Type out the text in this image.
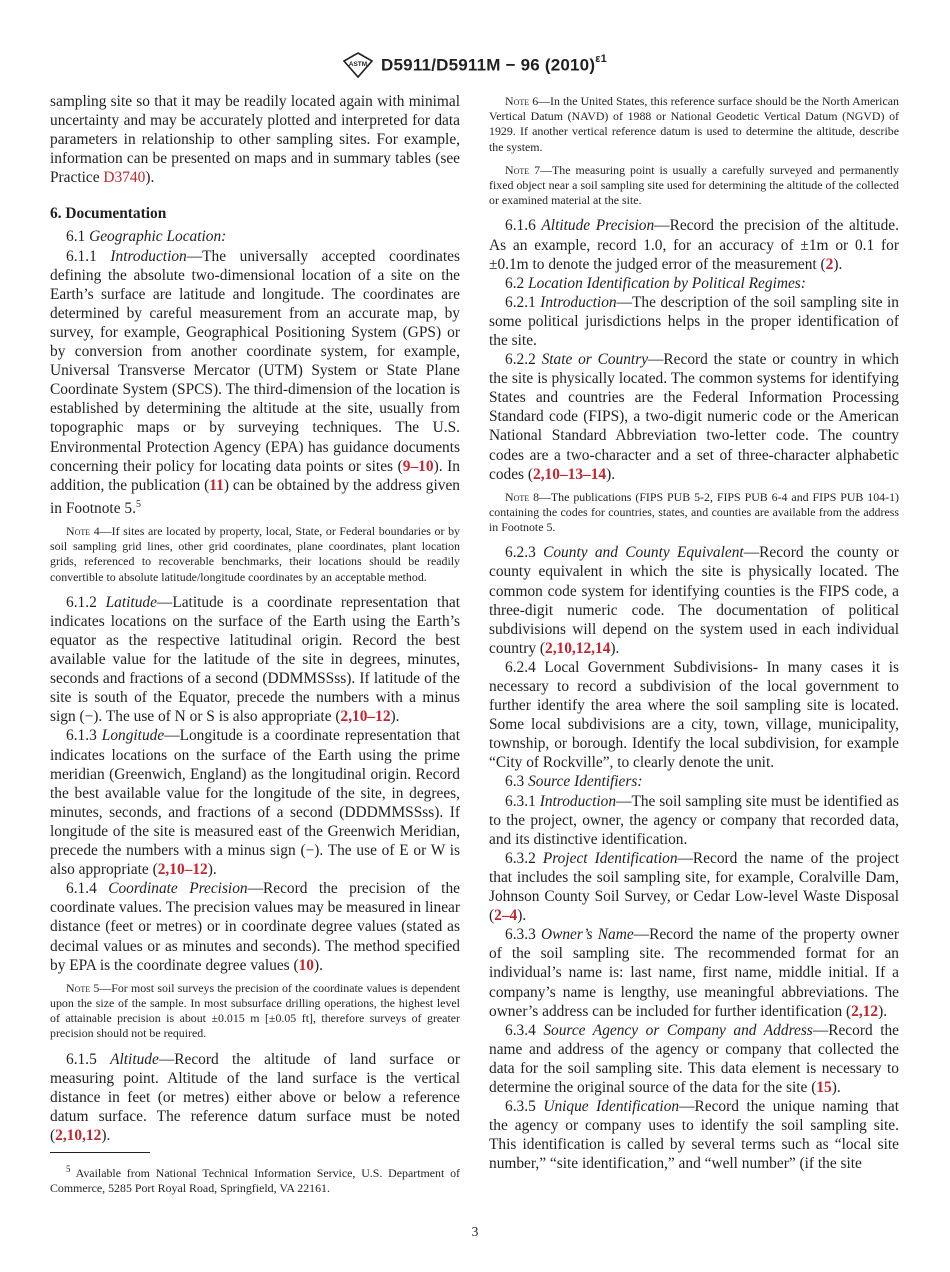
ASTM D5911/D5911M − 96 $(2010)^{\varepsilon 1}$

sampling site so that it may be readily located again with minimal uncertainty and may be accurately plotted and interpreted for data parameters in relationship to other sampling sites. For example, information can be presented on maps and in summary tables (see Practice D3740).

6. Documentation

6.1 Geographic Location:

6.1.1 Introduction—The universally accepted coordinates defining the absolute two-dimensional location of a site on the Earth’s surface are latitude and longitude. The coordinates are determined by careful measurement from an accurate map, by survey, for example, Geographical Positioning System (GPS) or by conversion from another coordinate system, for example, Universal Transverse Mercator (UTM) System or State Plane Coordinate System (SPCS). The third-dimension of the location is established by determining the altitude at the site, usually from topographic maps or by surveying techniques. The U.S. Environmental Protection Agency (EPA) has guidance documents concerning their policy for locating data points or sites (9–10). In addition, the publication (11) can be obtained by the address given in Footnote 5.$^5$

Note 4—If sites are located by property, local, State, or Federal boundaries or by soil sampling grid lines, other grid coordinates, plane coordinates, plant location grids, referenced to recoverable benchmarks, their locations should be readily convertible to absolute latitude/longitude coordinates by an acceptable method.

6.1.2 Latitude—Latitude is a coordinate representation that indicates locations on the surface of the Earth using the Earth’s equator as the respective latitudinal origin. Record the best available value for the latitude of the site in degrees, minutes, seconds and fractions of a second (DDMMSSss). If latitude of the site is south of the Equator, precede the numbers with a minus sign (−). The use of N or S is also appropriate (2,10–12).

6.1.3 Longitude—Longitude is a coordinate representation that indicates locations on the surface of the Earth using the prime meridian (Greenwich, England) as the longitudinal origin. Record the best available value for the longitude of the site, in degrees, minutes, seconds, and fractions of a second (DDDMMSSss). If longitude of the site is measured east of the Greenwich Meridian, precede the numbers with a minus sign (−). The use of E or W is also appropriate (2,10–12).

6.1.4 Coordinate Precision—Record the precision of the coordinate values. The precision values may be measured in linear distance (feet or metres) or in coordinate degree values (stated as decimal values or as minutes and seconds). The method specified by EPA is the coordinate degree values (10).

Note 5—For most soil surveys the precision of the coordinate values is dependent upon the size of the sample. In most subsurface drilling operations, the highest level of attainable precision is about ±0.015 m [±0.05 ft], therefore surveys of greater precision should not be required.

6.1.5 Altitude—Record the altitude of land surface or measuring point. Altitude of the land surface is the vertical distance in feet (or metres) either above or below a reference datum surface. The reference datum surface must be noted (2,10,12).

$^5$ Available from National Technical Information Service, U.S. Department of Commerce, 5285 Port Royal Road, Springfield, VA 22161.

Note 6—In the United States, this reference surface should be the North American Vertical Datum (NAVD) of 1988 or National Geodetic Vertical Datum (NGVD) of 1929. If another vertical reference datum is used to determine the altitude, describe the system.

Note 7—The measuring point is usually a carefully surveyed and permanently fixed object near a soil sampling site used for determining the altitude of the collected or examined material at the site.

6.1.6 Altitude Precision—Record the precision of the altitude. As an example, record 1.0, for an accuracy of ±1m or 0.1 for ±0.1m to denote the judged error of the measurement (2).

6.2 Location Identification by Political Regimes:

6.2.1 Introduction—The description of the soil sampling site in some political jurisdictions helps in the proper identification of the site.

6.2.2 State or Country—Record the state or country in which the site is physically located. The common systems for identifying States and countries are the Federal Information Processing Standard code (FIPS), a two-digit numeric code or the American National Standard Abbreviation two-letter code. The country codes are a two-character and a set of three-character alphabetic codes (2,10–13–14).

Note 8—The publications (FIPS PUB 5-2, FIPS PUB 6-4 and FIPS PUB 104-1) containing the codes for countries, states, and counties are available from the address in Footnote 5.

6.2.3 County and County Equivalent—Record the county or county equivalent in which the site is physically located. The common code system for identifying counties is the FIPS code, a three-digit numeric code. The documentation of political subdivisions will depend on the system used in each individual country (2,10,12,14).

6.2.4 Local Government Subdivisions- In many cases it is necessary to record a subdivision of the local government to further identify the area where the soil sampling site is located. Some local subdivisions are a city, town, village, municipality, township, or borough. Identify the local subdivision, for example “City of Rockville”, to clearly denote the unit.

6.3 Source Identifiers:

6.3.1 Introduction—The soil sampling site must be identified as to the project, owner, the agency or company that recorded data, and its distinctive identification.

6.3.2 Project Identification—Record the name of the project that includes the soil sampling site, for example, Coralville Dam, Johnson County Soil Survey, or Cedar Low-level Waste Disposal (2–4).

6.3.3 Owner’s Name—Record the name of the property owner of the soil sampling site. The recommended format for an individual’s name is: last name, first name, middle initial. If a company’s name is lengthy, use meaningful abbreviations. The owner’s address can be included for further identification (2,12).

6.3.4 Source Agency or Company and Address—Record the name and address of the agency or company that collected the data for the soil sampling site. This data element is necessary to determine the original source of the data for the site (15).

6.3.5 Unique Identification—Record the unique naming that the agency or company uses to identify the soil sampling site. This identification is called by several terms such as “local site number,” “site identification,” and “well number” (if the site

3
